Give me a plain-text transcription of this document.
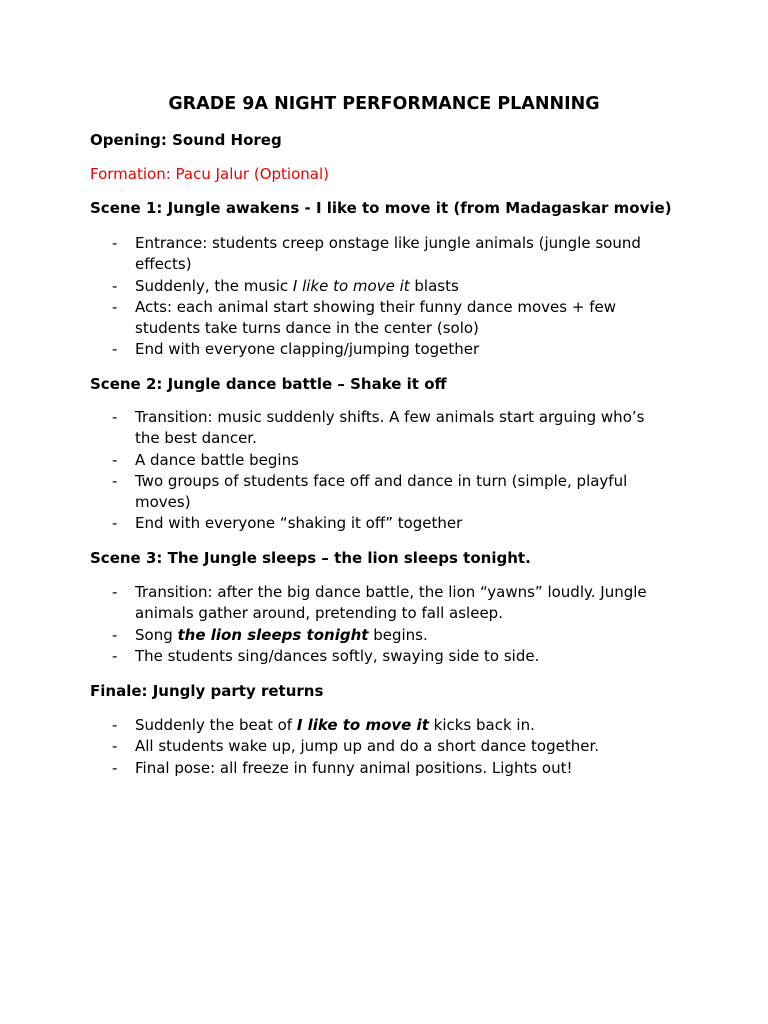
GRADE 9A NIGHT PERFORMANCE PLANNING

Opening: Sound Horeg

Formation: Pacu Jalur (Optional)

Scene 1: Jungle awakens - I like to move it (from Madagaskar movie)

- Entrance: students creep onstage like jungle animals (jungle sound effects)
- Suddenly, the music I like to move it blasts
- Acts: each animal start showing their funny dance moves + few students take turns dance in the center (solo)
- End with everyone clapping/jumping together

Scene 2: Jungle dance battle – Shake it off

- Transition: music suddenly shifts. A few animals start arguing who’s the best dancer.
- A dance battle begins
- Two groups of students face off and dance in turn (simple, playful moves)
- End with everyone “shaking it off” together

Scene 3: The Jungle sleeps – the lion sleeps tonight.

- Transition: after the big dance battle, the lion “yawns” loudly. Jungle animals gather around, pretending to fall asleep.
- Song the lion sleeps tonight begins.
- The students sing/dances softly, swaying side to side.

Finale: Jungly party returns

- Suddenly the beat of I like to move it kicks back in.
- All students wake up, jump up and do a short dance together.
- Final pose: all freeze in funny animal positions. Lights out!
